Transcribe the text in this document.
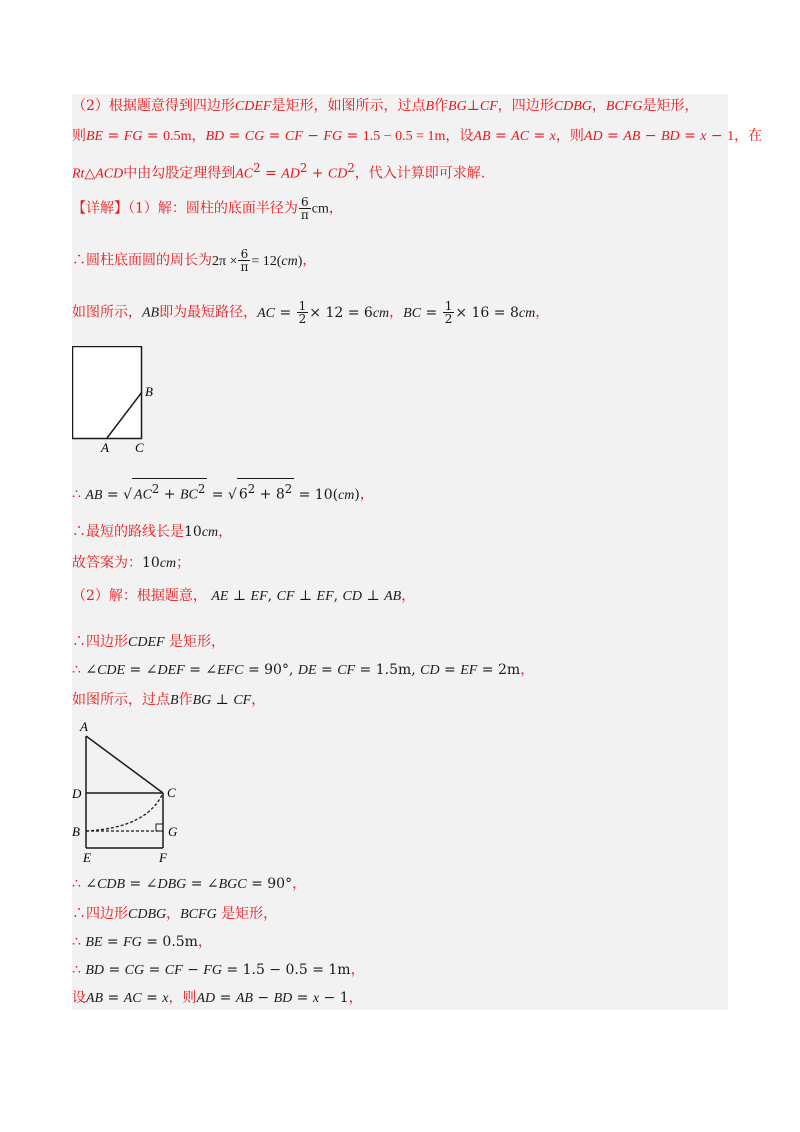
（2）根据题意得到四边形CDEF是矩形，如图所示，过点B作BG⊥CF，四边形CDBG，BCFG是矩形，
则BE = FG = 0.5m，BD = CG = CF − FG = 1.5 − 0.5 = 1m，设AB = AC = x，则AD = AB − BD = x − 1，在
Rt△ACD中由勾股定理得到$AC^2 = AD^2 + CD^2$，代入计算即可求解.
【详解】（1）解：圆柱的底面半径为 $\frac{6}{\pi}$ cm，
∴圆柱底面圆的周长为$2\pi \times \frac{6}{\pi} = 12(cm)$，
如图所示，AB即为最短路径，AC = $\frac{1}{2} \times 12 = 6cm$，BC = $\frac{1}{2} \times 16 = 8cm$，
B
A C
∴ AB = √ $AC^2 + BC^2$ = √ $6^2 + 8^2 = 10(cm)$，
∴最短的路线长是10cm，
故答案为：10cm；
（2）解：根据题意， AE ⊥ EF, CF ⊥ EF, CD ⊥ AB，
∴四边形CDEF 是矩形，
∴ ∠CDE = ∠DEF = ∠EFC = 90°, DE = CF = 1.5m, CD = EF = 2m，
如图所示，过点B作BG ⊥ CF，
A
D	C
B	G
E	F
∴ ∠CDB = ∠DBG = ∠BGC = 90°，
∴四边形CDBG，BCFG 是矩形，
∴ BE = FG = 0.5m，
∴ BD = CG = CF − FG = 1.5 − 0.5 = 1m，
设AB = AC = x，则AD = AB − BD = x − 1，
